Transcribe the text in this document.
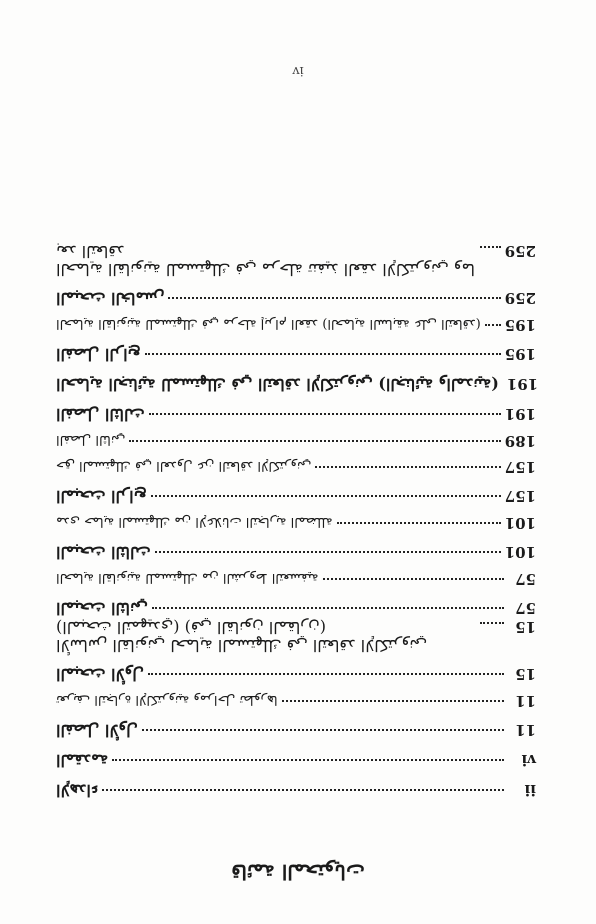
iv
قائمة المحتويات
الإهداء	ii
المقدمة	vi
الفصل الأول	11
تعريف التجارة الإلكترونية ومراحل تطورها	11
المبحث الأول	15
الأساس القانوني لحماية المستهلك في التعاقد الإلكتروني (المبحث التمهيدي) (في القانون المقارن)	15
المبحث الثاني	57
الحماية القانونية للمستهلك من الشروط التعسفية	57
المبحث الثالث	101
مدى حماية المستهلك من الإعلانات التجارية المضللة	101
المبحث الرابع	157
حق المستهلك في العدول عن التعاقد الإلكتروني	157
الفصل الثاني	189
الفصل الثالث	191
الحماية الجنائية للمستهلك في التعاقد الإلكتروني (الجنائية والمدنية) 191
الفصل الرابع	195
الحماية القانونية للمستهلك في مرحلة إبرام العقد (الحماية السابقة على التعاقد) 195
المبحث الخامس	259
الحماية القانونية للمستهلك في مرحلة تنفيذ العقد الإلكتروني وما بعد التعاقد	259
